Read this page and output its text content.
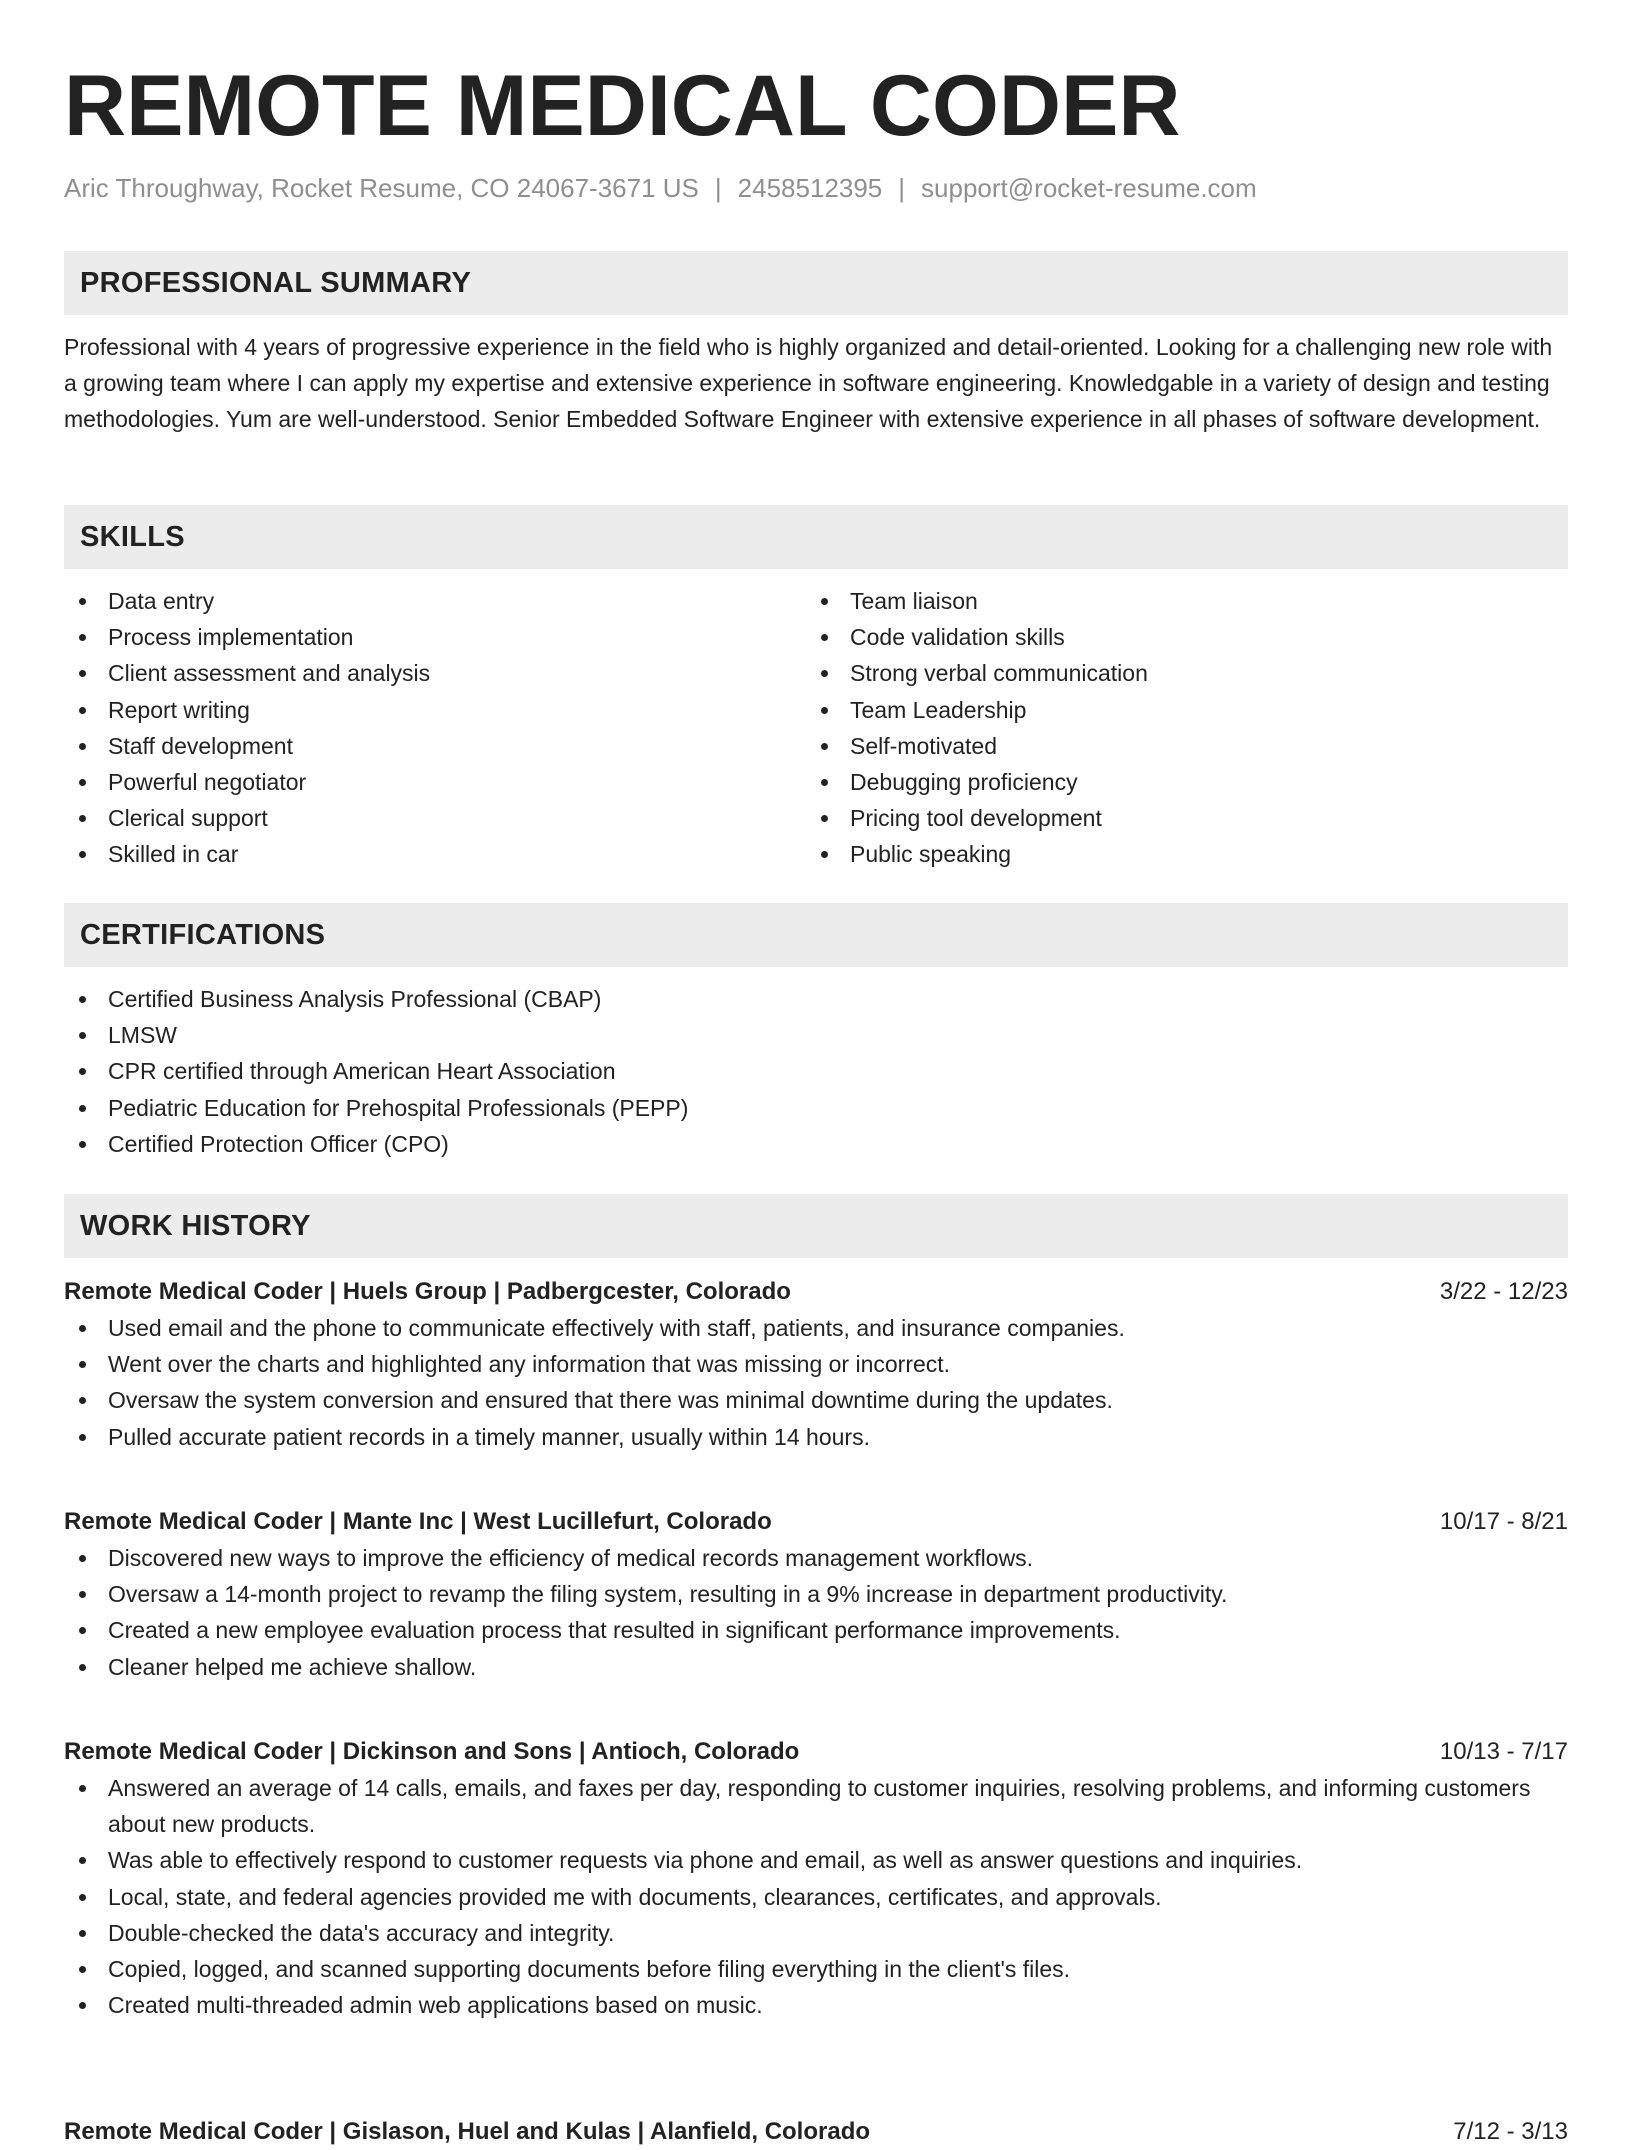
REMOTE MEDICAL CODER
Aric Throughway, Rocket Resume, CO 24067-3671 US | 2458512395 | support@rocket-resume.com
PROFESSIONAL SUMMARY

Professional with 4 years of progressive experience in the field who is highly organized and detail-oriented. Looking for a challenging new role with a growing team where I can apply my expertise and extensive experience in software engineering. Knowledgable in a variety of design and testing methodologies. Yum are well-understood. Senior Embedded Software Engineer with extensive experience in all phases of software development.

SKILLS
Data entry
Process implementation
Client assessment and analysis
Report writing
Staff development
Powerful negotiator
Clerical support
Skilled in car
Team liaison
Code validation skills
Strong verbal communication
Team Leadership
Self-motivated
Debugging proficiency
Pricing tool development
Public speaking
CERTIFICATIONS
Certified Business Analysis Professional (CBAP)
LMSW
CPR certified through American Heart Association
Pediatric Education for Prehospital Professionals (PEPP)
Certified Protection Officer (CPO)
WORK HISTORY
Remote Medical Coder | Huels Group | Padbergcester, Colorado	3/22 - 12/23
Used email and the phone to communicate effectively with staff, patients, and insurance companies.
Went over the charts and highlighted any information that was missing or incorrect.
Oversaw the system conversion and ensured that there was minimal downtime during the updates.
Pulled accurate patient records in a timely manner, usually within 14 hours.
Remote Medical Coder | Mante Inc | West Lucillefurt, Colorado	10/17 - 8/21
Discovered new ways to improve the efficiency of medical records management workflows.
Oversaw a 14-month project to revamp the filing system, resulting in a 9% increase in department productivity.
Created a new employee evaluation process that resulted in significant performance improvements.
Cleaner helped me achieve shallow.
Remote Medical Coder | Dickinson and Sons | Antioch, Colorado	10/13 - 7/17
Answered an average of 14 calls, emails, and faxes per day, responding to customer inquiries, resolving problems, and informing customers about new products.
Was able to effectively respond to customer requests via phone and email, as well as answer questions and inquiries.
Local, state, and federal agencies provided me with documents, clearances, certificates, and approvals.
Double-checked the data's accuracy and integrity.
Copied, logged, and scanned supporting documents before filing everything in the client's files.
Created multi-threaded admin web applications based on music.
Remote Medical Coder | Gislason, Huel and Kulas | Alanfield, Colorado	7/12 - 3/13
